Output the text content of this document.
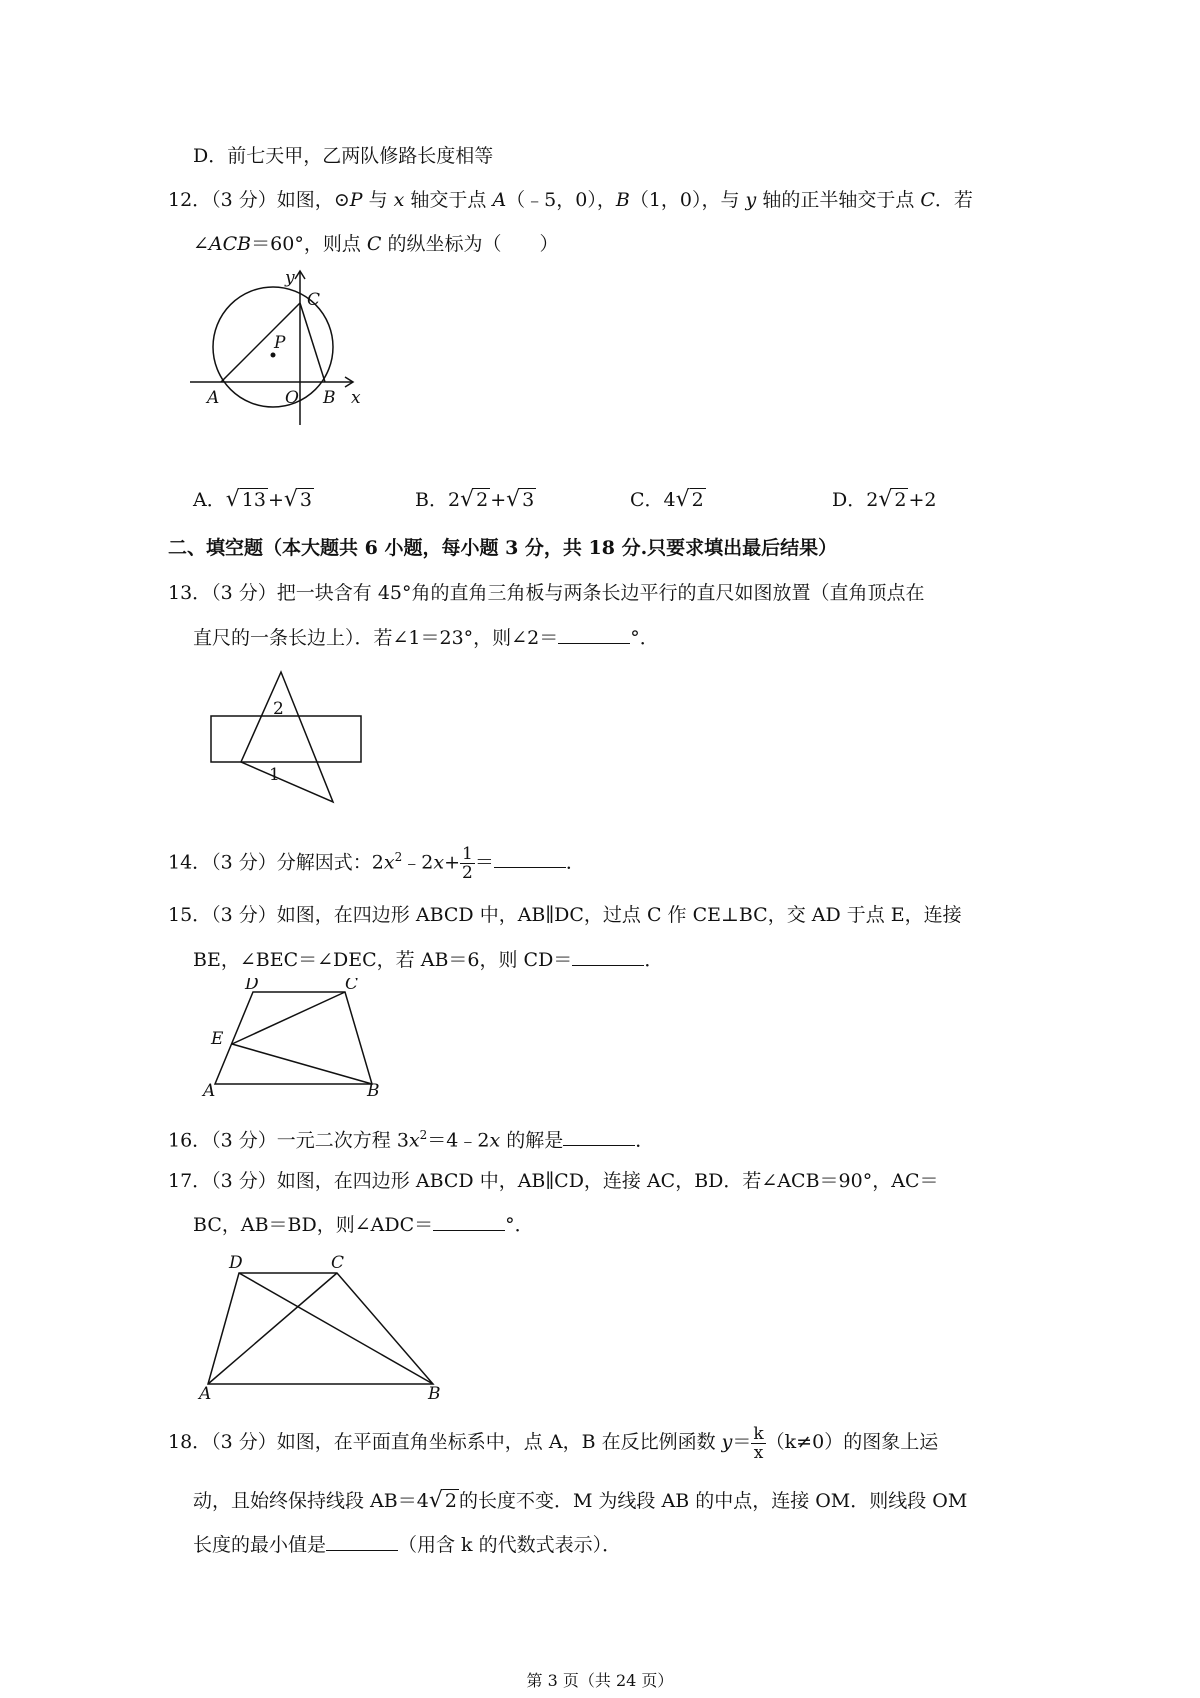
D．前七天甲，乙两队修路长度相等
12．（3 分）如图，⊙P 与 x 轴交于点 A（﹣5，0），B（1，0），与 y 轴的正半轴交于点 C．若
∠ACB＝60°，则点 C 的纵坐标为（　　）
y
C
P
A	O B x
A．√ 13 +√ 3	B．2√ 2 +√ 3	C．4√ 2	D．2√ 2 +2
二、填空题（本大题共 6 小题，每小题 3 分，共 18 分.只要求填出最后结果）
13．（3 分）把一块含有 45°角的直角三角板与两条长边平行的直尺如图放置（直角顶点在
直尺的一条长边上）．若∠1＝23°，则∠2＝	°．
2
1
14．（3 分）分解因式：$2x^2﹣2x+ \frac{1}{2}$ ＝	．
15．（3 分）如图，在四边形 ABCD 中，AB∥DC，过点 C 作 CE⊥BC，交 AD 于点 E，连接
BE，∠BEC＝∠DEC，若 AB＝6，则 CD＝	．
D	C
E
A	B
16．（3 分）一元二次方程 $3x^2=4﹣2x$ 的解是	．
17．（3 分）如图，在四边形 ABCD 中，AB∥CD，连接 AC，BD．若∠ACB＝90°，AC＝
BC，AB＝BD，则∠ADC＝	°．
D	C
A	B
18．（3 分）如图，在平面直角坐标系中，点 A，B 在反比例函数 $y= \frac{k}{x} (k\ne 0)$的图象上运
动，且始终保持线段 AB＝4√ 2 的长度不变．M 为线段 AB 的中点，连接 OM．则线段 OM
长度的最小值是	（用含 k 的代数式表示）．
第 3 页（共 24 页）
